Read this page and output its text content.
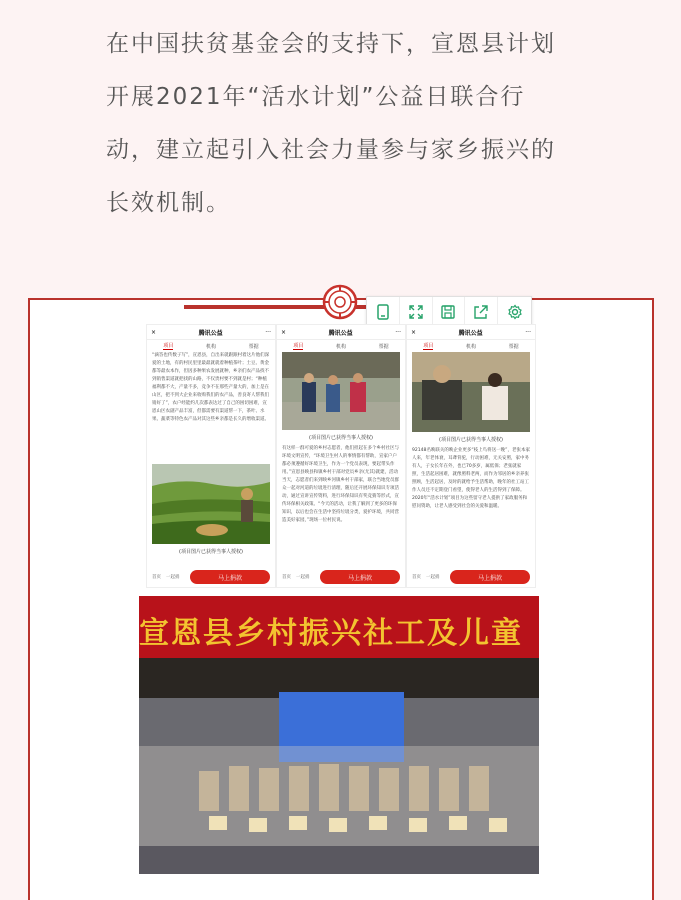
在中国扶贫基金会的支持下，宣恩县计划

开展2021年“活水计划”公益日联合行

动，建立起引入社会力量参与家乡振兴的

长效机制。

×	腾讯公益	···
项目	机构	票据
“滴答也传数子写”，宣恩县，自出来就跟跟村着这片他们深爱的土地，有的村民里里最最就就着种植茶叶；土豆、黄金都等最农本作，但因多种果农发展就种，乡亲们农产品找不到销售渠道就把找的山路，不仅贵村要不到就是村；“种植福利都不大，产量不多，竞争不在那些产量大的，加上是在山区，把不到大企业来收购我们的农产品，善良寄人帮我们销好了”，农户经能约几次都表达过了自己的困切困难，宣恩山区农副产品丰富，但都需要有渠道帮一下，茶叶、水果、蔬菜等特色农产品对其这些乡亲都是长久的增收渠道。
(项目图片已获得当事人授权)
首页 一起捐	马上捐款
×	腾讯公益	···
项目	机构	票据
(项目图片已获得当事人授权)
有这样一群可爱的乡村志愿者，他们担起在多个乡村社区与环境文明宣传，“环境卫生村人的事情都有帮助，宣家户户都必须遵循好环境卫生，作为一个党员表现，要起带头作用。”宣恩县映县和镇乡村干部对党员乡亲(尤其)就建，活动当天，志愿者们来到映乡河镇乡村干部家，联合当地党员群众一起对河道的垃圾进行清理，随后还开展环保知识专项活动，通过宣讲宣传资料，进行环保知识有奖竞猜等形式，宣传环保相关政策。“今天的活动，让我了解到了更多的环保知识，以后也会在生活中坚持垃圾分类，爱护环境，共同营造美好家园，”现场一位村民说。
首页 一起捐	马上捐款
×	腾讯公益	···
项目	机构	票据
(项目图片已获得当事人授权)
92148名映联关的映企业更多“枝上鸟将送一晚”，老张本家人来，年老体衰，耳聋背驼，行动困难，无关安照，家中务有人，子女长年在外，也已70多岁，属低保；老张就家照，生活起居困难，就像照料老两，而作为邻居的乡亲养张照顾，生活起居，及时的就给予生活帮助，晚年的社工站工作人员还不定期登门看望，使得老人的生活得到了保障。2020年“活水计划”项目为这些留守老人提供了家政服务和慰问资助，让老人感受到社会的关爱和温暖。
首页 一起捐	马上捐款
宣恩县乡村振兴社工及儿童
